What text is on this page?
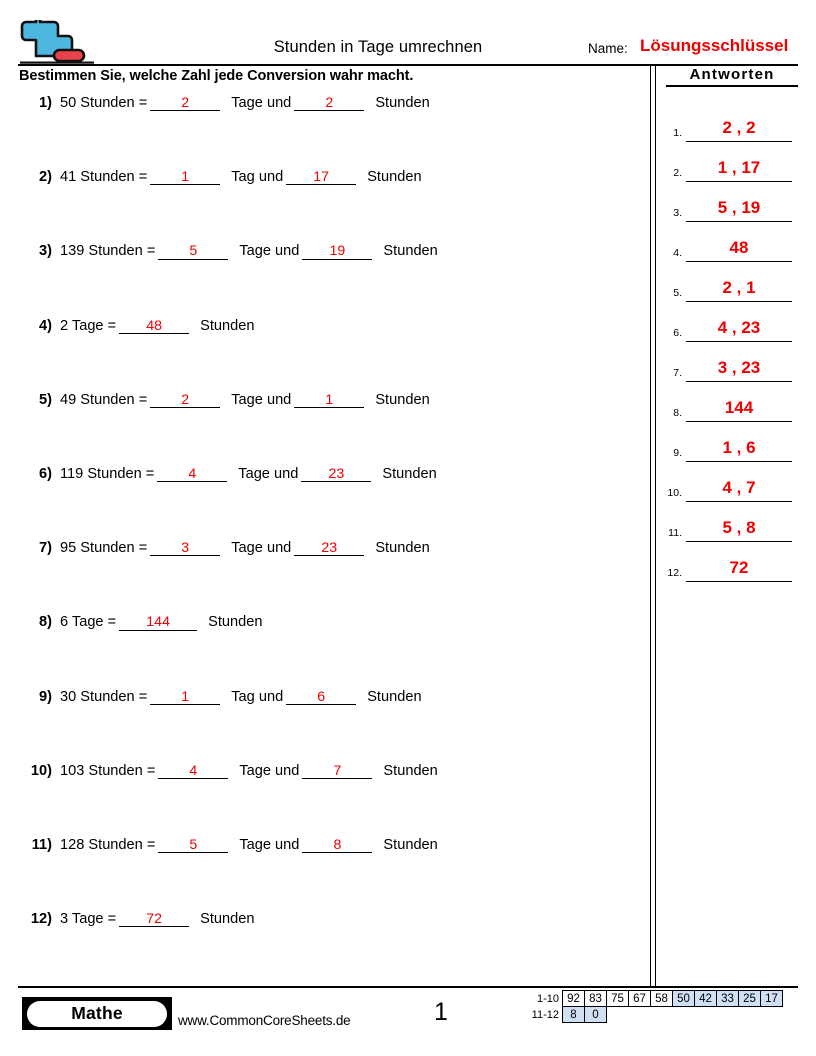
Stunden in Tage umrechnen	Name: Lösungsschlüssel
Bestimmen Sie, welche Zahl jede Conversion wahr macht.
1) 50 Stunden = 2	Tage und 2	Stunden
2) 41 Stunden = 1	Tag und 17	Stunden
3) 139 Stunden = 5	Tage und 19	Stunden
4) 2 Tage = 48	Stunden
5) 49 Stunden = 2	Tage und 1	Stunden
6) 119 Stunden = 4	Tage und 23	Stunden
7) 95 Stunden = 3	Tage und 23	Stunden
8) 6 Tage = 144	Stunden
9) 30 Stunden = 1	Tag und 6	Stunden
10) 103 Stunden = 4	Tage und 7	Stunden
11) 128 Stunden = 5	Tage und 8	Stunden
12) 3 Tage = 72	Stunden
Antworten
1.	2 , 2
2.	1 , 17
3.	5 , 19
4.	48
5.	2 , 1
6.	4 , 23
7.	3 , 23
8.	144
9.	1 , 6
10.	4 , 7
11.	5 , 8
12.	72
Mathe	www.CommonCoreSheets.de	1	1-10 92 83 75 67 58 50 42 33 25 17
11-12 8	0
